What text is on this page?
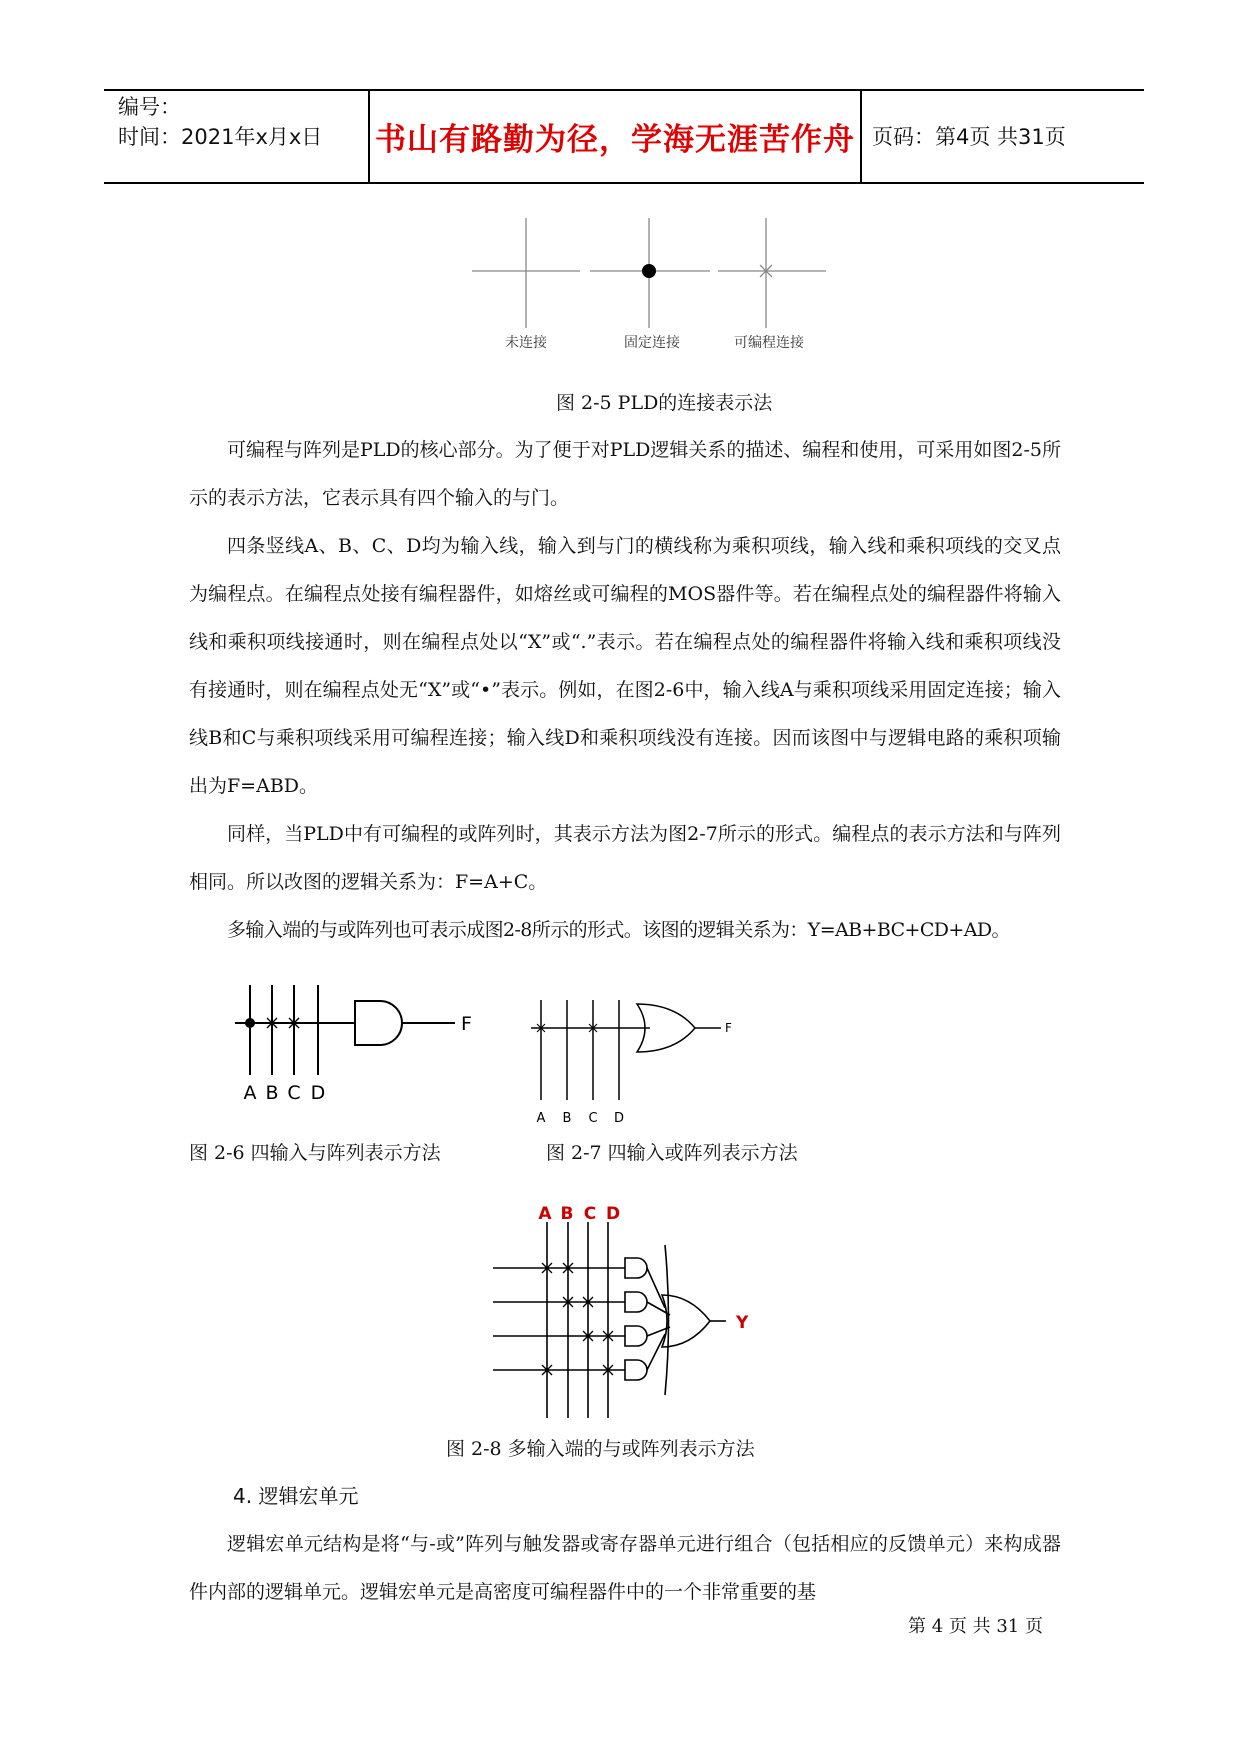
编号：
时间：2021年x月x日 书山有路勤为径，学海无涯苦作舟 页码：第4页 共31页
未连接	固定连接	可编程连接
图 2-5 PLD的连接表示法

可编程与阵列是PLD的核心部分。为了便于对PLD逻辑关系的描述、编程和使用，可采用如图2-5所示的表示方法，它表示具有四个输入的与门。

四条竖线A、B、C、D均为输入线，输入到与门的横线称为乘积项线，输入线和乘积项线的交叉点为编程点。在编程点处接有编程器件，如熔丝或可编程的MOS器件等。若在编程点处的编程器件将输入线和乘积项线接通时，则在编程点处以“X”或“.”表示。若在编程点处的编程器件将输入线和乘积项线没有接通时，则在编程点处无“X”或“•”表示。例如，在图2-6中，输入线A与乘积项线采用固定连接；输入线B和C与乘积项线采用可编程连接；输入线D和乘积项线没有连接。因而该图中与逻辑电路的乘积项输出为F=ABD。

同样，当PLD中有可编程的或阵列时，其表示方法为图2-7所示的形式。编程点的表示方法和与阵列相同。所以改图的逻辑关系为：F=A+C。

多输入端的与或阵列也可表示成图2-8所示的形式。该图的逻辑关系为：Y=AB+BC+CD+AD。

A B C D
F
A B C D
F
图 2-6 四输入与阵列表示方法	图 2-7 四输入或阵列表示方法
A B C D
Y
图 2-8 多输入端的与或阵列表示方法
4. 逻辑宏单元

逻辑宏单元结构是将“与-或”阵列与触发器或寄存器单元进行组合（包括相应的反馈单元）来构成器件内部的逻辑单元。逻辑宏单元是高密度可编程器件中的一个非常重要的基

第 4 页 共 31 页
